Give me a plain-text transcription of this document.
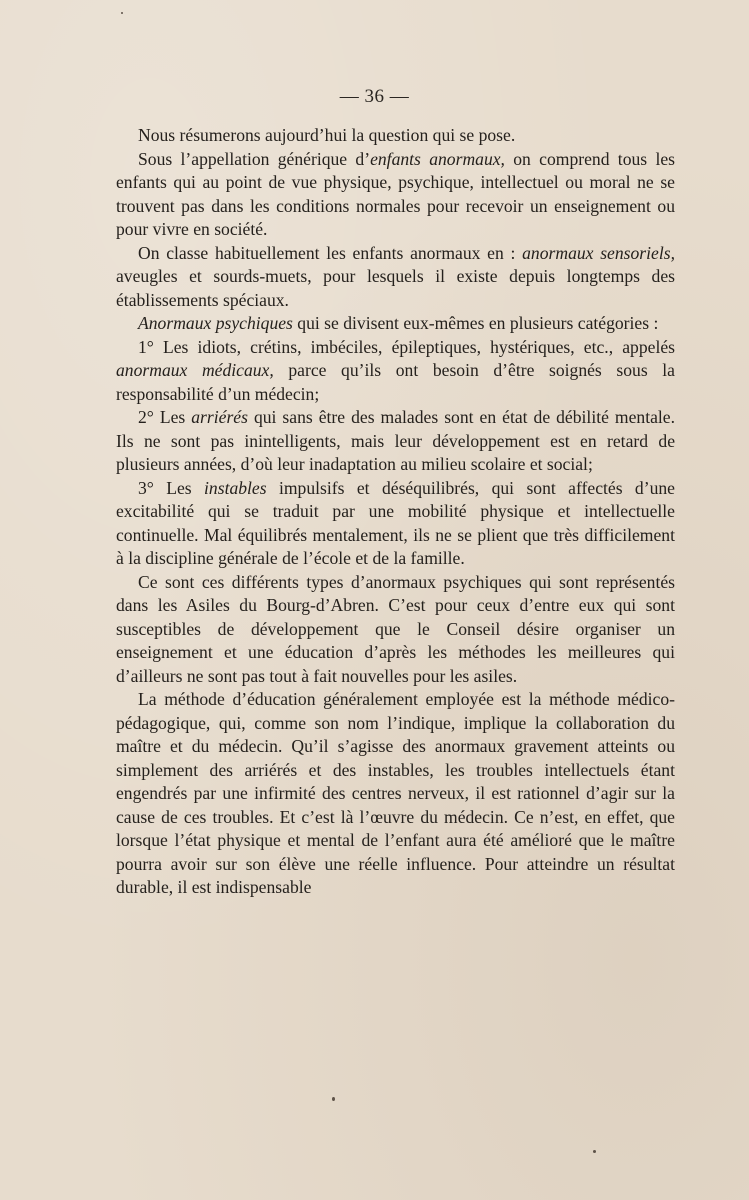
— 36 —

Nous résumerons aujourd’hui la question qui se pose.

Sous l’appellation générique d’enfants anormaux, on comprend tous les enfants qui au point de vue physique, psychique, intellectuel ou moral ne se trouvent pas dans les conditions normales pour recevoir un enseignement ou pour vivre en société.

On classe habituellement les enfants anormaux en : anormaux sensoriels, aveugles et sourds-muets, pour lesquels il existe depuis longtemps des établissements spéciaux.

Anormaux psychiques qui se divisent eux-mêmes en plusieurs catégories :

1° Les idiots, crétins, imbéciles, épileptiques, hystériques, etc., appelés anormaux médicaux, parce qu’ils ont besoin d’être soignés sous la responsabilité d’un médecin;

2° Les arriérés qui sans être des malades sont en état de débilité mentale. Ils ne sont pas inintelligents, mais leur développement est en retard de plusieurs années, d’où leur inadaptation au milieu scolaire et social;

3° Les instables impulsifs et déséquilibrés, qui sont affectés d’une excitabilité qui se traduit par une mobilité physique et intellectuelle continuelle. Mal équilibrés mentalement, ils ne se plient que très difficilement à la discipline générale de l’école et de la famille.

Ce sont ces différents types d’anormaux psychiques qui sont représentés dans les Asiles du Bourg-d’Abren. C’est pour ceux d’entre eux qui sont susceptibles de développement que le Conseil désire organiser un enseignement et une éducation d’après les méthodes les meilleures qui d’ailleurs ne sont pas tout à fait nouvelles pour les asiles.

La méthode d’éducation généralement employée est la méthode médico-pédagogique, qui, comme son nom l’indique, implique la collaboration du maître et du médecin. Qu’il s’agisse des anormaux gravement atteints ou simplement des arriérés et des instables, les troubles intellectuels étant engendrés par une infirmité des centres nerveux, il est rationnel d’agir sur la cause de ces troubles. Et c’est là l’œuvre du médecin. Ce n’est, en effet, que lorsque l’état physique et mental de l’enfant aura été amélioré que le maître pourra avoir sur son élève une réelle influence. Pour atteindre un résultat durable, il est indispensable
